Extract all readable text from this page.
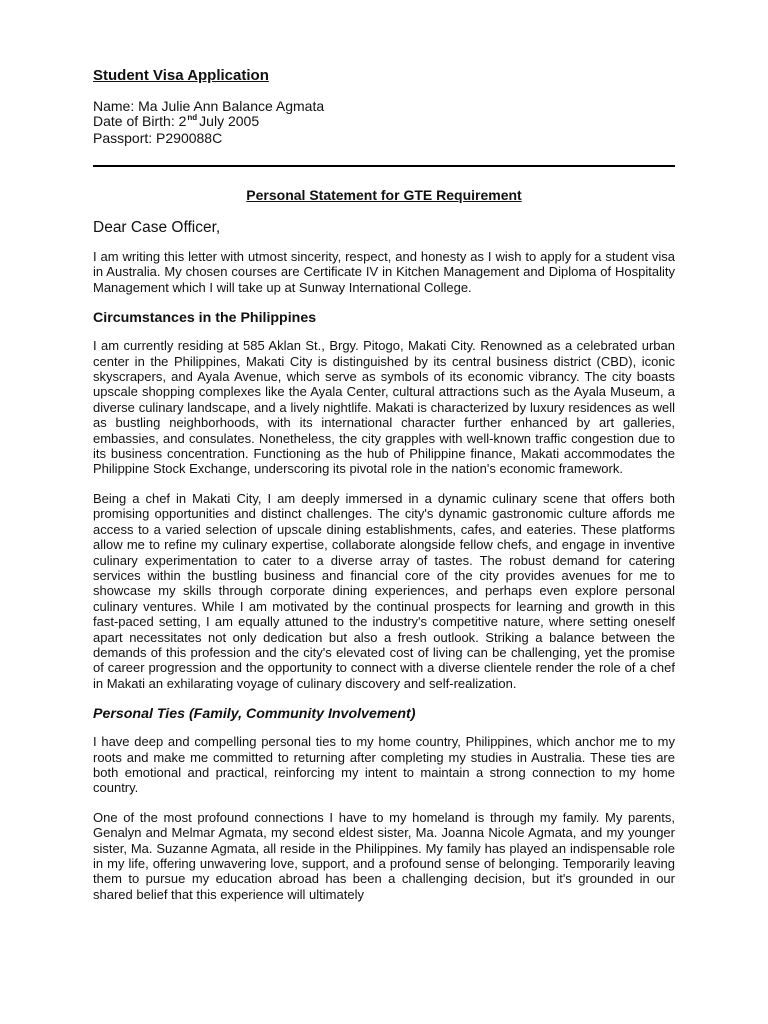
Student Visa Application

Name: Ma Julie Ann Balance Agmata

Date of Birth: 2nd July 2005

Passport: P290088C

Personal Statement for GTE Requirement

Dear Case Officer,

I am writing this letter with utmost sincerity, respect, and honesty as I wish to apply for a student visa in Australia. My chosen courses are Certificate IV in Kitchen Management and Diploma of Hospitality Management which I will take up at Sunway International College.

Circumstances in the Philippines

I am currently residing at 585 Aklan St., Brgy. Pitogo, Makati City. Renowned as a celebrated urban center in the Philippines, Makati City is distinguished by its central business district (CBD), iconic skyscrapers, and Ayala Avenue, which serve as symbols of its economic vibrancy. The city boasts upscale shopping complexes like the Ayala Center, cultural attractions such as the Ayala Museum, a diverse culinary landscape, and a lively nightlife. Makati is characterized by luxury residences as well as bustling neighborhoods, with its international character further enhanced by art galleries, embassies, and consulates. Nonetheless, the city grapples with well-known traffic congestion due to its business concentration. Functioning as the hub of Philippine finance, Makati accommodates the Philippine Stock Exchange, underscoring its pivotal role in the nation's economic framework.

Being a chef in Makati City, I am deeply immersed in a dynamic culinary scene that offers both promising opportunities and distinct challenges. The city's dynamic gastronomic culture affords me access to a varied selection of upscale dining establishments, cafes, and eateries. These platforms allow me to refine my culinary expertise, collaborate alongside fellow chefs, and engage in inventive culinary experimentation to cater to a diverse array of tastes. The robust demand for catering services within the bustling business and financial core of the city provides avenues for me to showcase my skills through corporate dining experiences, and perhaps even explore personal culinary ventures. While I am motivated by the continual prospects for learning and growth in this fast-paced setting, I am equally attuned to the industry's competitive nature, where setting oneself apart necessitates not only dedication but also a fresh outlook. Striking a balance between the demands of this profession and the city's elevated cost of living can be challenging, yet the promise of career progression and the opportunity to connect with a diverse clientele render the role of a chef in Makati an exhilarating voyage of culinary discovery and self-realization.

Personal Ties (Family, Community Involvement)

I have deep and compelling personal ties to my home country, Philippines, which anchor me to my roots and make me committed to returning after completing my studies in Australia. These ties are both emotional and practical, reinforcing my intent to maintain a strong connection to my home country.

One of the most profound connections I have to my homeland is through my family. My parents, Genalyn and Melmar Agmata, my second eldest sister, Ma. Joanna Nicole Agmata, and my younger sister, Ma. Suzanne Agmata, all reside in the Philippines. My family has played an indispensable role in my life, offering unwavering love, support, and a profound sense of belonging. Temporarily leaving them to pursue my education abroad has been a challenging decision, but it's grounded in our shared belief that this experience will ultimately
